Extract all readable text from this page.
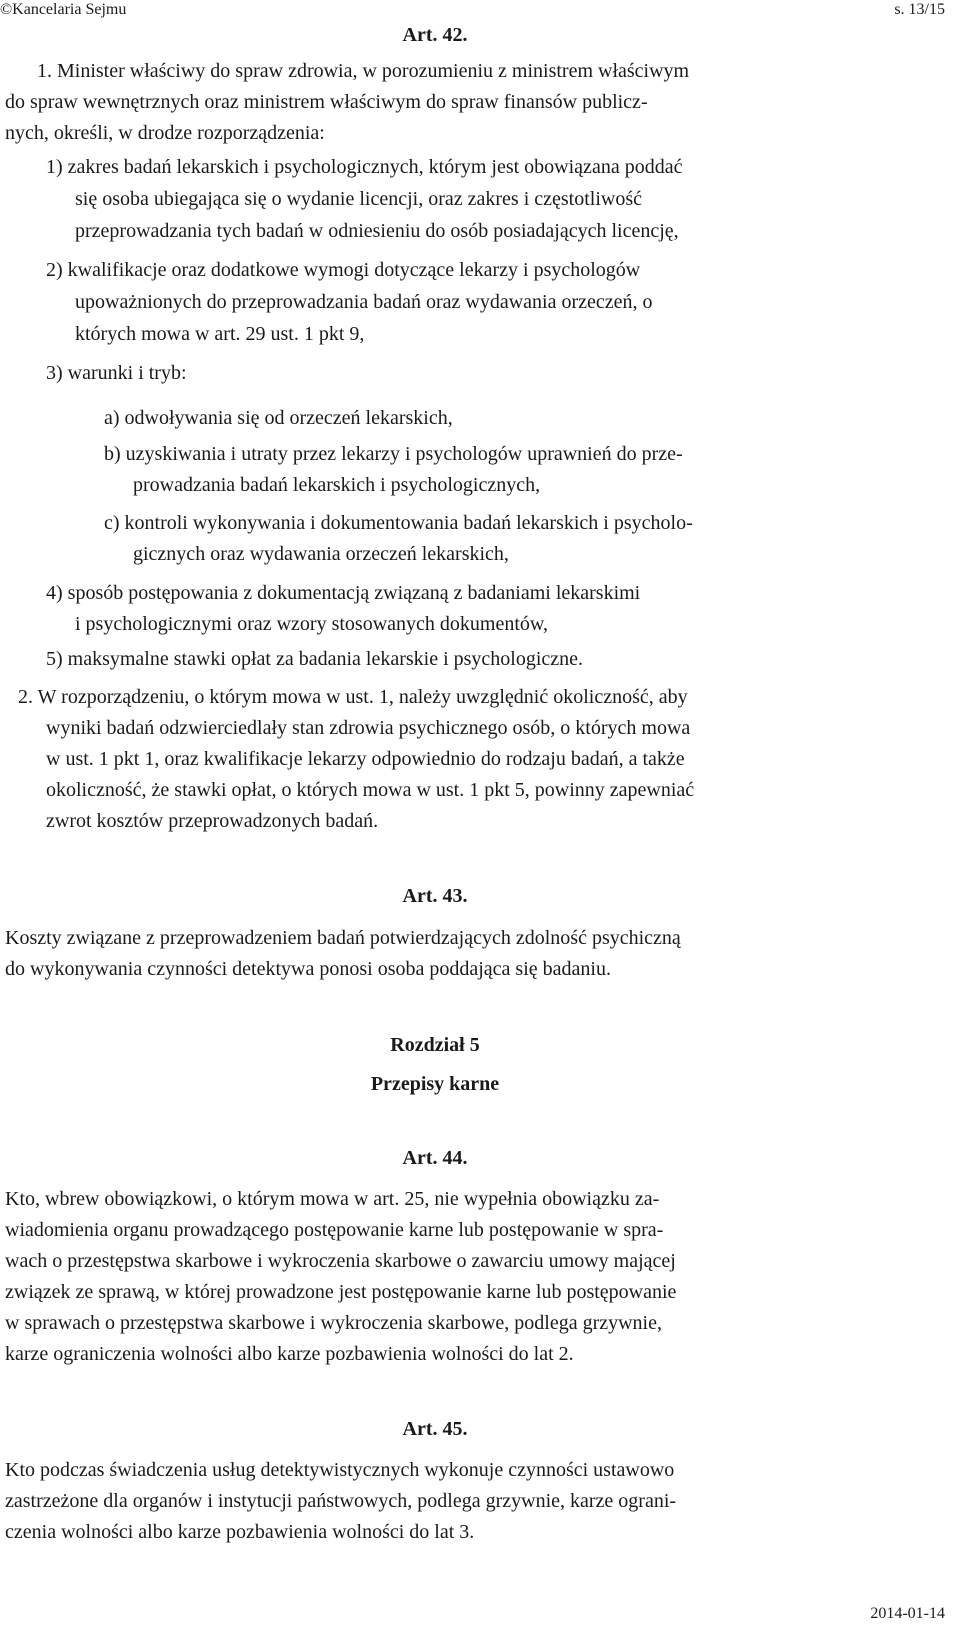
©Kancelaria Sejmu	s. 13/15
Art. 42.
1. Minister właściwy do spraw zdrowia, w porozumieniu z ministrem właściwym
do spraw wewnętrznych oraz ministrem właściwym do spraw finansów publicz-
nych, określi, w drodze rozporządzenia:
1) zakres badań lekarskich i psychologicznych, którym jest obowiązana poddać
się osoba ubiegająca się o wydanie licencji, oraz zakres i częstotliwość
przeprowadzania tych badań w odniesieniu do osób posiadających licencję,
2) kwalifikacje oraz dodatkowe wymogi dotyczące lekarzy i psychologów
upoważnionych do przeprowadzania badań oraz wydawania orzeczeń, o
których mowa w art. 29 ust. 1 pkt 9,
3) warunki i tryb:
a) odwoływania się od orzeczeń lekarskich,
b) uzyskiwania i utraty przez lekarzy i psychologów uprawnień do prze-
prowadzania badań lekarskich i psychologicznych,
c) kontroli wykonywania i dokumentowania badań lekarskich i psycholo-
gicznych oraz wydawania orzeczeń lekarskich,
4) sposób postępowania z dokumentacją związaną z badaniami lekarskimi
i psychologicznymi oraz wzory stosowanych dokumentów,
5) maksymalne stawki opłat za badania lekarskie i psychologiczne.
2. W rozporządzeniu, o którym mowa w ust. 1, należy uwzględnić okoliczność, aby
wyniki badań odzwierciedlały stan zdrowia psychicznego osób, o których mowa
w ust. 1 pkt 1, oraz kwalifikacje lekarzy odpowiednio do rodzaju badań, a także
okoliczność, że stawki opłat, o których mowa w ust. 1 pkt 5, powinny zapewniać
zwrot kosztów przeprowadzonych badań.
Art. 43.
Koszty związane z przeprowadzeniem badań potwierdzających zdolność psychiczną
do wykonywania czynności detektywa ponosi osoba poddająca się badaniu.
Rozdział 5
Przepisy karne
Art. 44.
Kto, wbrew obowiązkowi, o którym mowa w art. 25, nie wypełnia obowiązku za-
wiadomienia organu prowadzącego postępowanie karne lub postępowanie w spra-
wach o przestępstwa skarbowe i wykroczenia skarbowe o zawarciu umowy mającej
związek ze sprawą, w której prowadzone jest postępowanie karne lub postępowanie
w sprawach o przestępstwa skarbowe i wykroczenia skarbowe, podlega grzywnie,
karze ograniczenia wolności albo karze pozbawienia wolności do lat 2.
Art. 45.
Kto podczas świadczenia usług detektywistycznych wykonuje czynności ustawowo
zastrzeżone dla organów i instytucji państwowych, podlega grzywnie, karze ograni-
czenia wolności albo karze pozbawienia wolności do lat 3.
2014-01-14
